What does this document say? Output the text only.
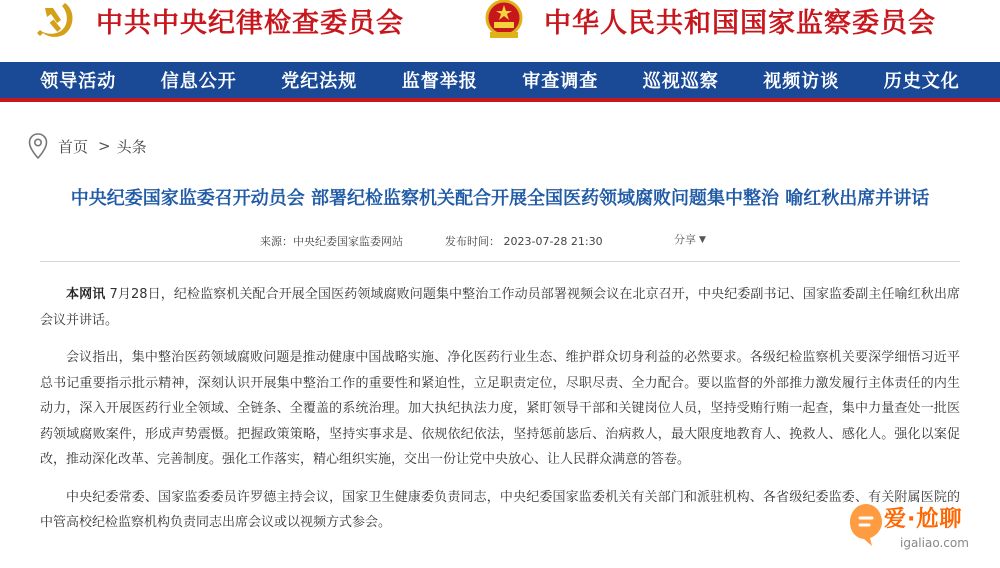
中共中央纪律检查委员会	中华人民共和国国家监察委员会
领导活动 信息公开 党纪法规 监督举报 审查调查 巡视巡察 视频访谈 历史文化
首页 > 头条
中央纪委国家监委召开动员会 部署纪检监察机关配合开展全国医药领域腐败问题集中整治 喻红秋出席并讲话
来源：中央纪委国家监委网站	发布时间： 2023-07-28 21:30	分享 ▼

本网讯 7月28日，纪检监察机关配合开展全国医药领域腐败问题集中整治工作动员部署视频会议在北京召开，中央纪委副书记、国家监委副主任喻红秋出席会议并讲话。

会议指出，集中整治医药领域腐败问题是推动健康中国战略实施、净化医药行业生态、维护群众切身利益的必然要求。各级纪检监察机关要深学细悟习近平总书记重要指示批示精神，深刻认识开展集中整治工作的重要性和紧迫性，立足职责定位，尽职尽责、全力配合。要以监督的外部推力激发履行主体责任的内生动力，深入开展医药行业全领域、全链条、全覆盖的系统治理。加大执纪执法力度，紧盯领导干部和关键岗位人员，坚持受贿行贿一起查，集中力量查处一批医药领域腐败案件，形成声势震慑。把握政策策略，坚持实事求是、依规依纪依法，坚持惩前毖后、治病救人，最大限度地教育人、挽救人、感化人。强化以案促改，推动深化改革、完善制度。强化工作落实，精心组织实施，交出一份让党中央放心、让人民群众满意的答卷。

中央纪委常委、国家监委委员许罗德主持会议，国家卫生健康委负责同志，中央纪委国家监委机关有关部门和派驻机构、各省级纪委监委、有关附属医院的中管高校纪检监察机构负责同志出席会议或以视频方式参会。	爱·尬聊
igaliao.com
